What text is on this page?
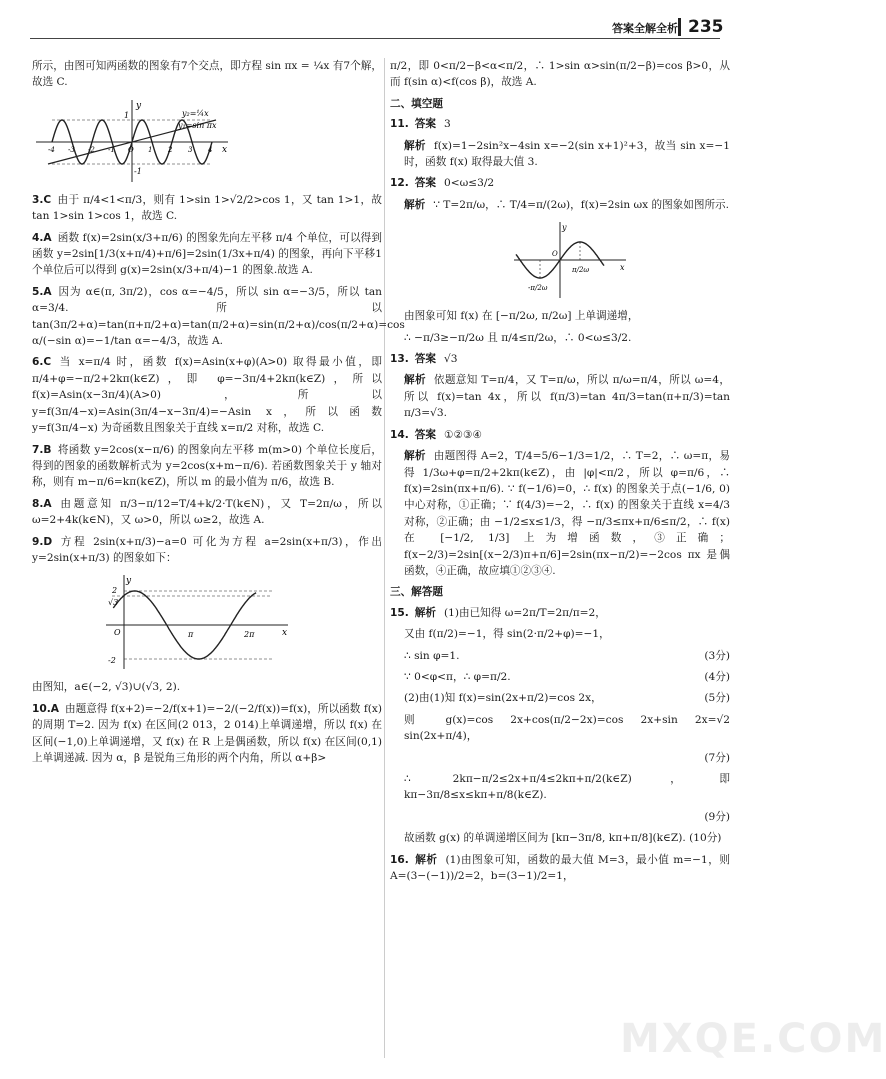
答案全解全析 235
所示，由图可知两函数的图象有7个交点，即方程 sin πx = ¼x 有7个解，故选 C.
y
x
y₂=¼x
y₁=sin πx
1
-1
-4 -3 -2 -1 O 1 2 3 4
3.C 由于 π/4<1<π/3，则有 1>sin 1>√2/2>cos 1，又 tan 1>1，故 tan 1>sin 1>cos 1，故选 C.
4.A 函数 f(x)=2sin(x/3+π/6) 的图象先向左平移 π/4 个单位，可以得到函数 y=2sin[1/3(x+π/4)+π/6]=2sin(1/3x+π/4) 的图象，再向下平移1个单位后可以得到 g(x)=2sin(x/3+π/4)−1 的图象.故选 A.
5.A 因为 α∈(π, 3π/2)，cos α=−4/5，所以 sin α=−3/5，所以 tan α=3/4. 所以 tan(3π/2+α)=tan(π+π/2+α)=tan(π/2+α)=sin(π/2+α)/cos(π/2+α)=cos α/(−sin α)=−1/tan α=−4/3，故选 A.
6.C 当 x=π/4 时，函数 f(x)=Asin(x+φ)(A>0) 取得最小值，即 π/4+φ=−π/2+2kπ(k∈Z)，即 φ=−3π/4+2kπ(k∈Z)，所以 f(x)=Asin(x−3π/4)(A>0)，所以 y=f(3π/4−x)=Asin(3π/4−x−3π/4)=−Asin x，所以函数 y=f(3π/4−x) 为奇函数且图象关于直线 x=π/2 对称，故选 C.
7.B 将函数 y=2cos(x−π/6) 的图象向左平移 m(m>0) 个单位长度后，得到的图象的函数解析式为 y=2cos(x+m−π/6). 若函数图象关于 y 轴对称，则有 m−π/6=kπ(k∈Z)，所以 m 的最小值为 π/6，故选 B.
8.A 由题意知 π/3−π/12=T/4+k/2·T(k∈N)，又 T=2π/ω，所以 ω=2+4k(k∈N)，又 ω>0，所以 ω≥2，故选 A.
9.D 方程 2sin(x+π/3)−a=0 可化为方程 a=2sin(x+π/3)，作出 y=2sin(x+π/3) 的图象如下：
y
x
2
√3
O	π	2π
-2
由图知，a∈(−2, √3)∪(√3, 2).
10.A 由题意得 f(x+2)=−2/f(x+1)=−2/(−2/f(x))=f(x)，所以函数 f(x) 的周期 T=2. 因为 f(x) 在区间(2 013，2 014)上单调递增，所以 f(x) 在区间(−1,0)上单调递增，又 f(x) 在 R 上是偶函数，所以 f(x) 在区间(0,1)上单调递减. 因为 α，β 是锐角三角形的两个内角，所以 α+β>
π/2，即 0<π/2−β<α<π/2，∴ 1>sin α>sin(π/2−β)=cos β>0，从而 f(sin α)<f(cos β)，故选 A.
二、填空题
11. 答案 3
解析 f(x)=1−2sin²x−4sin x=−2(sin x+1)²+3，故当 sin x=−1 时，函数 f(x) 取得最大值 3.
12. 答案 0<ω≤3/2
解析 ∵ T=2π/ω，∴ T/4=π/(2ω)，f(x)=2sin ωx 的图象如图所示.
y
x
O
-π/2ω
π/2ω
由图象可知 f(x) 在 [−π/2ω, π/2ω] 上单调递增，
∴ −π/3≥−π/2ω 且 π/4≤π/2ω，∴ 0<ω≤3/2.
13. 答案 √3
解析 依题意知 T=π/4，又 T=π/ω，所以 π/ω=π/4，所以 ω=4，所以 f(x)=tan 4x，所以 f(π/3)=tan 4π/3=tan(π+π/3)=tan π/3=√3.
14. 答案 ①②③④
解析 由题图得 A=2，T/4=5/6−1/3=1/2，∴ T=2，∴ ω=π，易得 1/3ω+φ=π/2+2kπ(k∈Z)，由 |φ|<π/2，所以 φ=π/6，∴ f(x)=2sin(πx+π/6). ∵ f(−1/6)=0，∴ f(x) 的图象关于点(−1/6, 0)中心对称，①正确；∵ f(4/3)=−2，∴ f(x) 的图象关于直线 x=4/3 对称，②正确；由 −1/2≤x≤1/3，得 −π/3≤πx+π/6≤π/2，∴ f(x) 在 [−1/2, 1/3] 上为增函数，③正确；f(x−2/3)=2sin[(x−2/3)π+π/6]=2sin(πx−π/2)=−2cos πx 是偶函数，④正确，故应填①②③④.
三、解答题
15. 解析 (1)由已知得 ω=2π/T=2π/π=2，
又由 f(π/2)=−1，得 sin(2·π/2+φ)=−1，
∴ sin φ=1.	(3分)
∵ 0<φ<π，∴ φ=π/2.	(4分)
(2)由(1)知 f(x)=sin(2x+π/2)=cos 2x，	(5分)
则 g(x)=cos 2x+cos(π/2−2x)=cos 2x+sin 2x=√2 sin(2x+π/4)，
(7分)
∴ 2kπ−π/2≤2x+π/4≤2kπ+π/2(k∈Z)，即 kπ−3π/8≤x≤kπ+π/8(k∈Z).
(9分)
故函数 g(x) 的单调递增区间为 [kπ−3π/8, kπ+π/8](k∈Z). (10分)
16. 解析 (1)由图象可知，函数的最大值 M=3，最小值 m=−1，则 A=(3−(−1))/2=2，b=(3−1)/2=1，
MXQE.COM
